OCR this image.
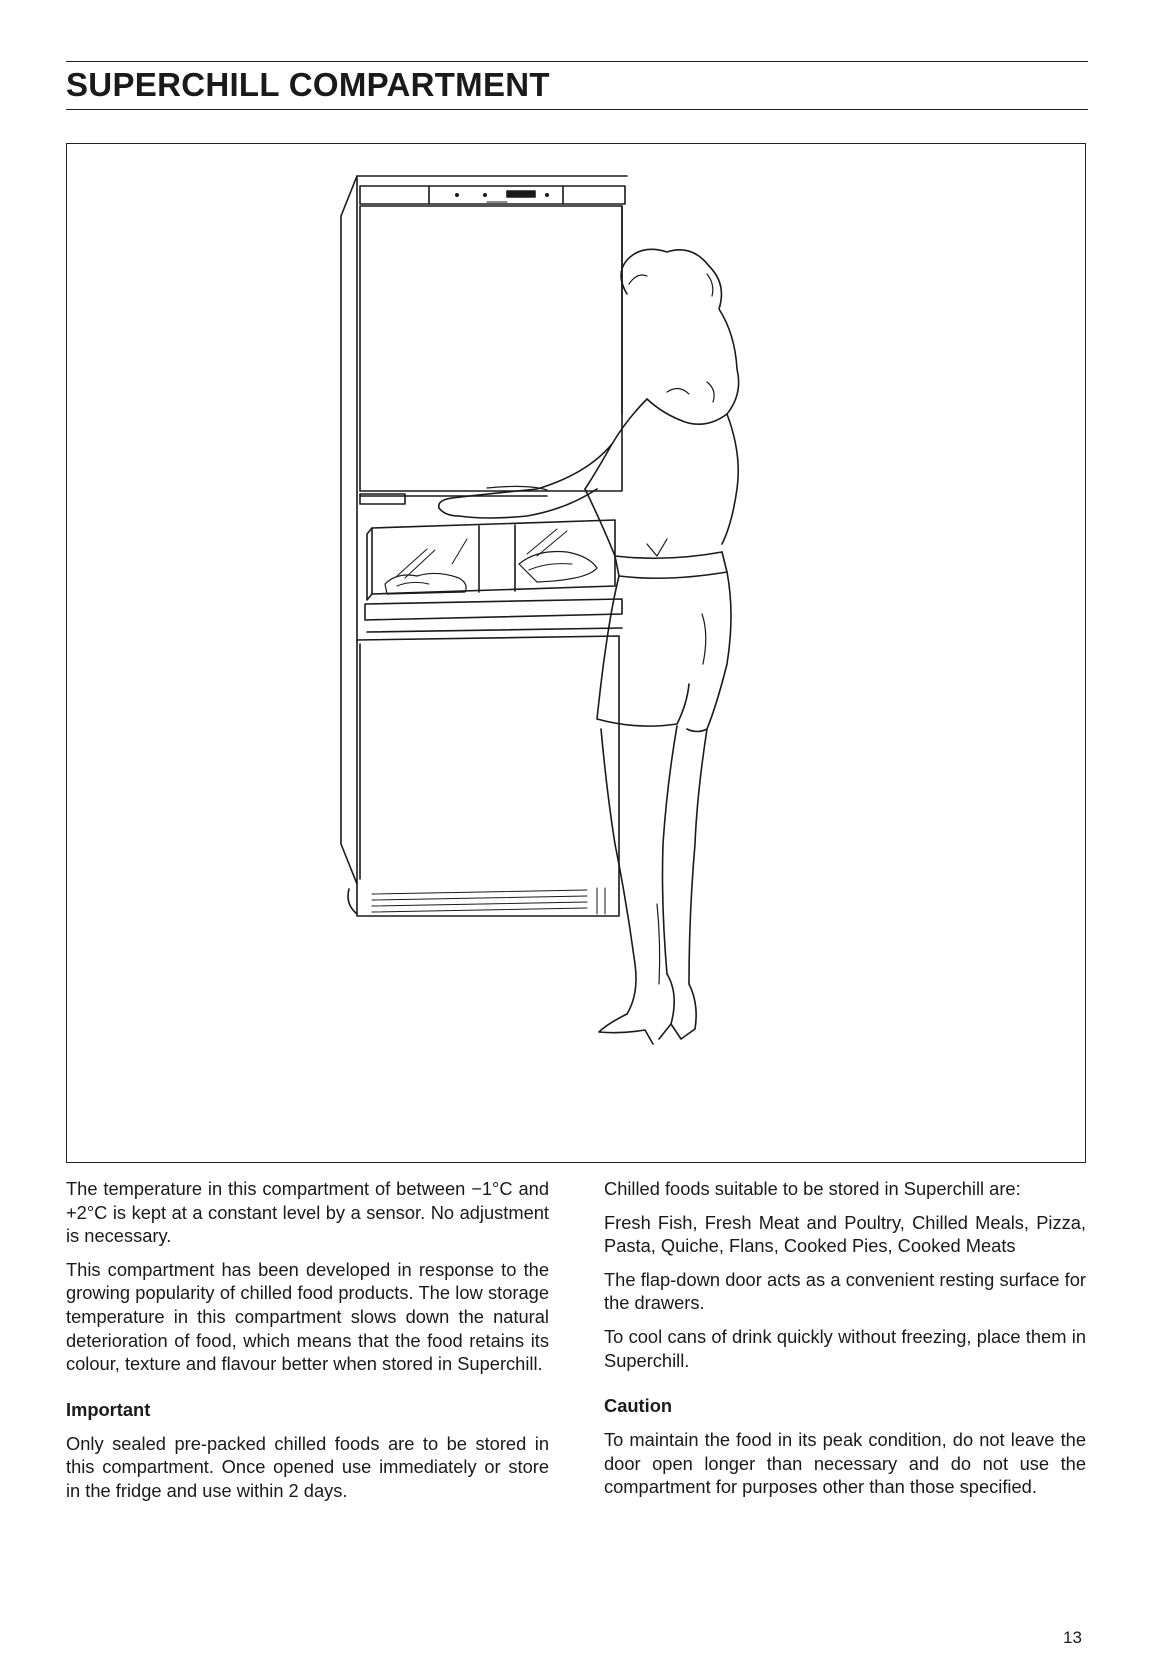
SUPERCHILL COMPARTMENT

The temperature in this compartment of between −1°C and +2°C is kept at a constant level by a sensor. No adjustment is necessary.

This compartment has been developed in response to the growing popularity of chilled food products. The low storage temperature in this compartment slows down the natural deterioration of food, which means that the food retains its colour, texture and flavour better when stored in Superchill.

Important

Only sealed pre-packed chilled foods are to be stored in this compartment. Once opened use immediately or store in the fridge and use within 2 days.

Chilled foods suitable to be stored in Superchill are:

Fresh Fish, Fresh Meat and Poultry, Chilled Meals, Pizza, Pasta, Quiche, Flans, Cooked Pies, Cooked Meats

The flap-down door acts as a convenient resting surface for the drawers.

To cool cans of drink quickly without freezing, place them in Superchill.

Caution

To maintain the food in its peak condition, do not leave the door open longer than necessary and do not use the compartment for purposes other than those specified.

13
